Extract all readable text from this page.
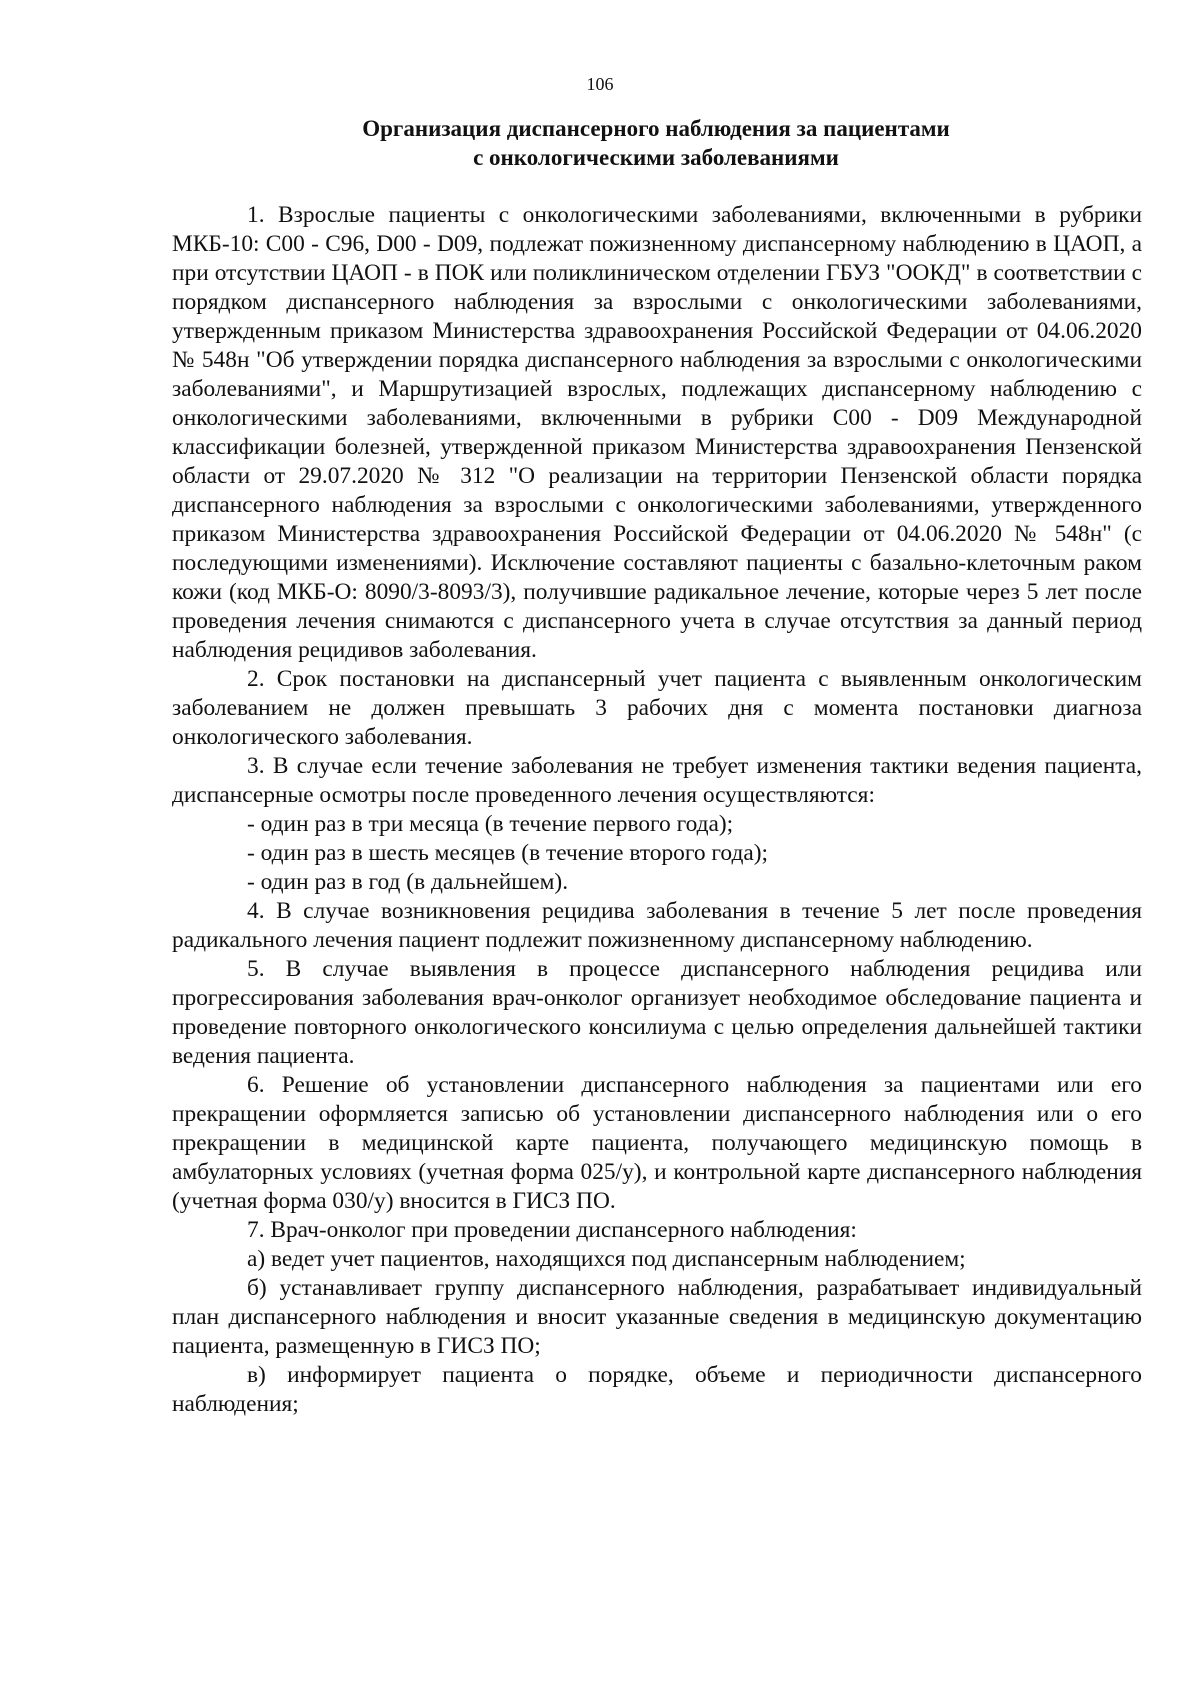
106
Организация диспансерного наблюдения за пациентами
с онкологическими заболеваниями

1. Взрослые пациенты с онкологическими заболеваниями, включенными в рубрики МКБ-10: С00 - С96, D00 - D09, подлежат пожизненному диспансерному наблюдению в ЦАОП, а при отсутствии ЦАОП - в ПОК или поликлиническом отделении ГБУЗ "ООКД" в соответствии с порядком диспансерного наблюдения за взрослыми с онкологическими заболеваниями, утвержденным приказом Министерства здравоохранения Российской Федерации от 04.06.2020 № 548н "Об утверждении порядка диспансерного наблюдения за взрослыми с онкологическими заболеваниями", и Маршрутизацией взрослых, подлежащих диспансерному наблюдению с онкологическими заболеваниями, включенными в рубрики С00 - D09 Международной классификации болезней, утвержденной приказом Министерства здравоохранения Пензенской области от 29.07.2020 № 312 "О реализации на территории Пензенской области порядка диспансерного наблюдения за взрослыми с онкологическими заболеваниями, утвержденного приказом Министерства здравоохранения Российской Федерации от 04.06.2020 № 548н" (с последующими изменениями). Исключение составляют пациенты с базально-клеточным раком кожи (код МКБ-О: 8090/3-8093/3), получившие радикальное лечение, которые через 5 лет после проведения лечения снимаются с диспансерного учета в случае отсутствия за данный период наблюдения рецидивов заболевания.

2. Срок постановки на диспансерный учет пациента с выявленным онкологическим заболеванием не должен превышать 3 рабочих дня с момента постановки диагноза онкологического заболевания.

3. В случае если течение заболевания не требует изменения тактики ведения пациента, диспансерные осмотры после проведенного лечения осуществляются:

- один раз в три месяца (в течение первого года);

- один раз в шесть месяцев (в течение второго года);

- один раз в год (в дальнейшем).

4. В случае возникновения рецидива заболевания в течение 5 лет после проведения радикального лечения пациент подлежит пожизненному диспансерному наблюдению.

5. В случае выявления в процессе диспансерного наблюдения рецидива или прогрессирования заболевания врач-онколог организует необходимое обследование пациента и проведение повторного онкологического консилиума с целью определения дальнейшей тактики ведения пациента.

6. Решение об установлении диспансерного наблюдения за пациентами или его прекращении оформляется записью об установлении диспансерного наблюдения или о его прекращении в медицинской карте пациента, получающего медицинскую помощь в амбулаторных условиях (учетная форма 025/у), и контрольной карте диспансерного наблюдения (учетная форма 030/у) вносится в ГИСЗ ПО.

7. Врач-онколог при проведении диспансерного наблюдения:

а) ведет учет пациентов, находящихся под диспансерным наблюдением;

б) устанавливает группу диспансерного наблюдения, разрабатывает индивидуальный план диспансерного наблюдения и вносит указанные сведения в медицинскую документацию пациента, размещенную в ГИСЗ ПО;

в) информирует пациента о порядке, объеме и периодичности диспансерного наблюдения;
